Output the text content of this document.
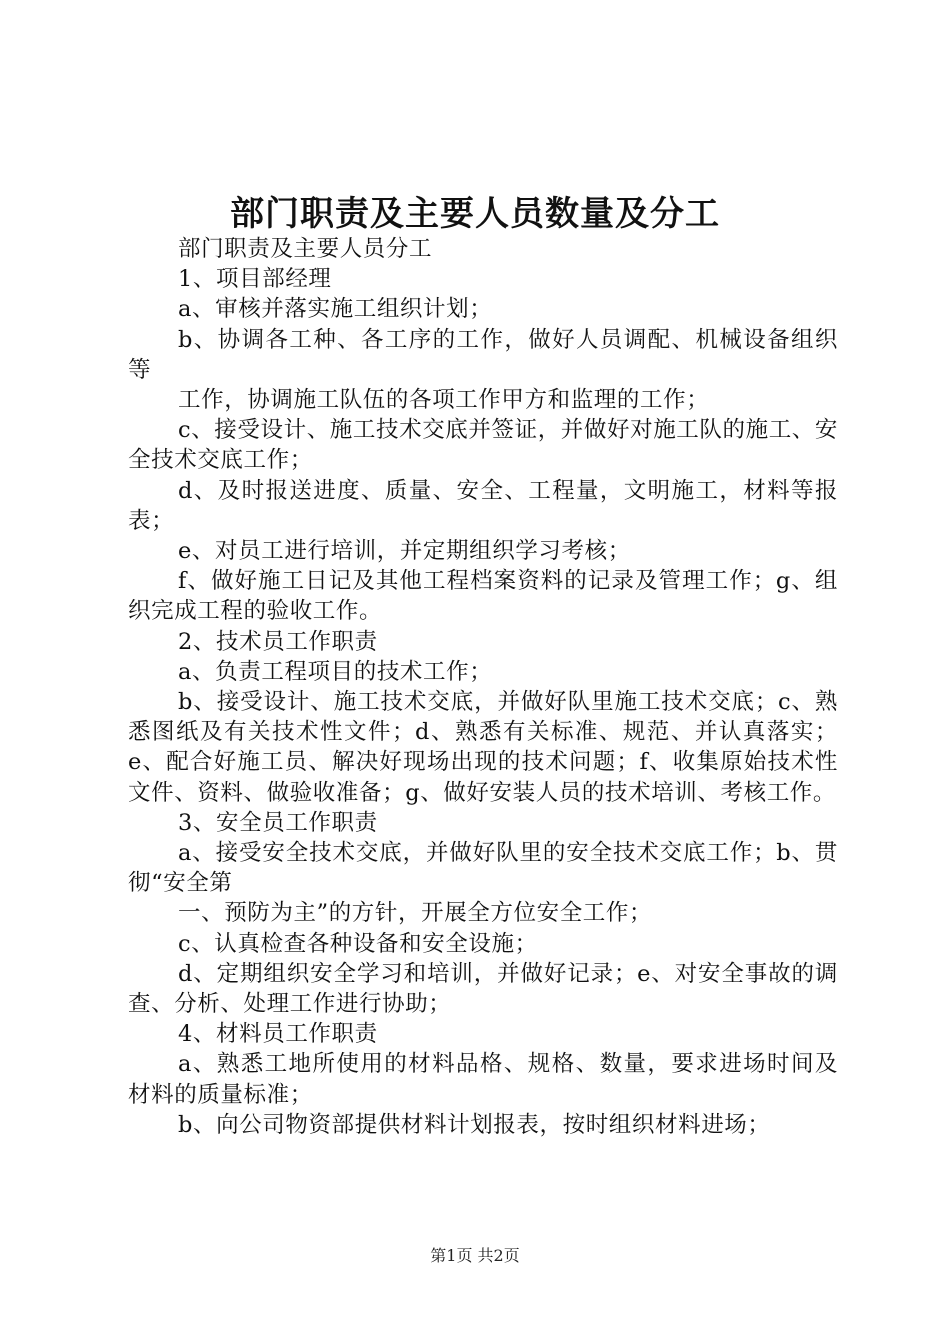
部门职责及主要人员数量及分工

部门职责及主要人员分工

1、项目部经理

a、审核并落实施工组织计划；

b、协调各工种、各工序的工作，做好人员调配、机械设备组织等

工作，协调施工队伍的各项工作甲方和监理的工作；

c、接受设计、施工技术交底并签证，并做好对施工队的施工、安全技术交底工作；

d、及时报送进度、质量、安全、工程量，文明施工，材料等报表；

e、对员工进行培训，并定期组织学习考核；

f、做好施工日记及其他工程档案资料的记录及管理工作；g、组织完成工程的验收工作。

2、技术员工作职责

a、负责工程项目的技术工作；

b、接受设计、施工技术交底，并做好队里施工技术交底；c、熟悉图纸及有关技术性文件；d、熟悉有关标准、规范、并认真落实；e、配合好施工员、解决好现场出现的技术问题；f、收集原始技术性文件、资料、做验收准备；g、做好安装人员的技术培训、考核工作。

3、安全员工作职责

a、接受安全技术交底，并做好队里的安全技术交底工作；b、贯彻“安全第

一、预防为主”的方针，开展全方位安全工作；

c、认真检查各种设备和安全设施；

d、定期组织安全学习和培训，并做好记录；e、对安全事故的调查、分析、处理工作进行协助；

4、材料员工作职责

a、熟悉工地所使用的材料品格、规格、数量，要求进场时间及材料的质量标准；

b、向公司物资部提供材料计划报表，按时组织材料进场；

第1页 共2页
